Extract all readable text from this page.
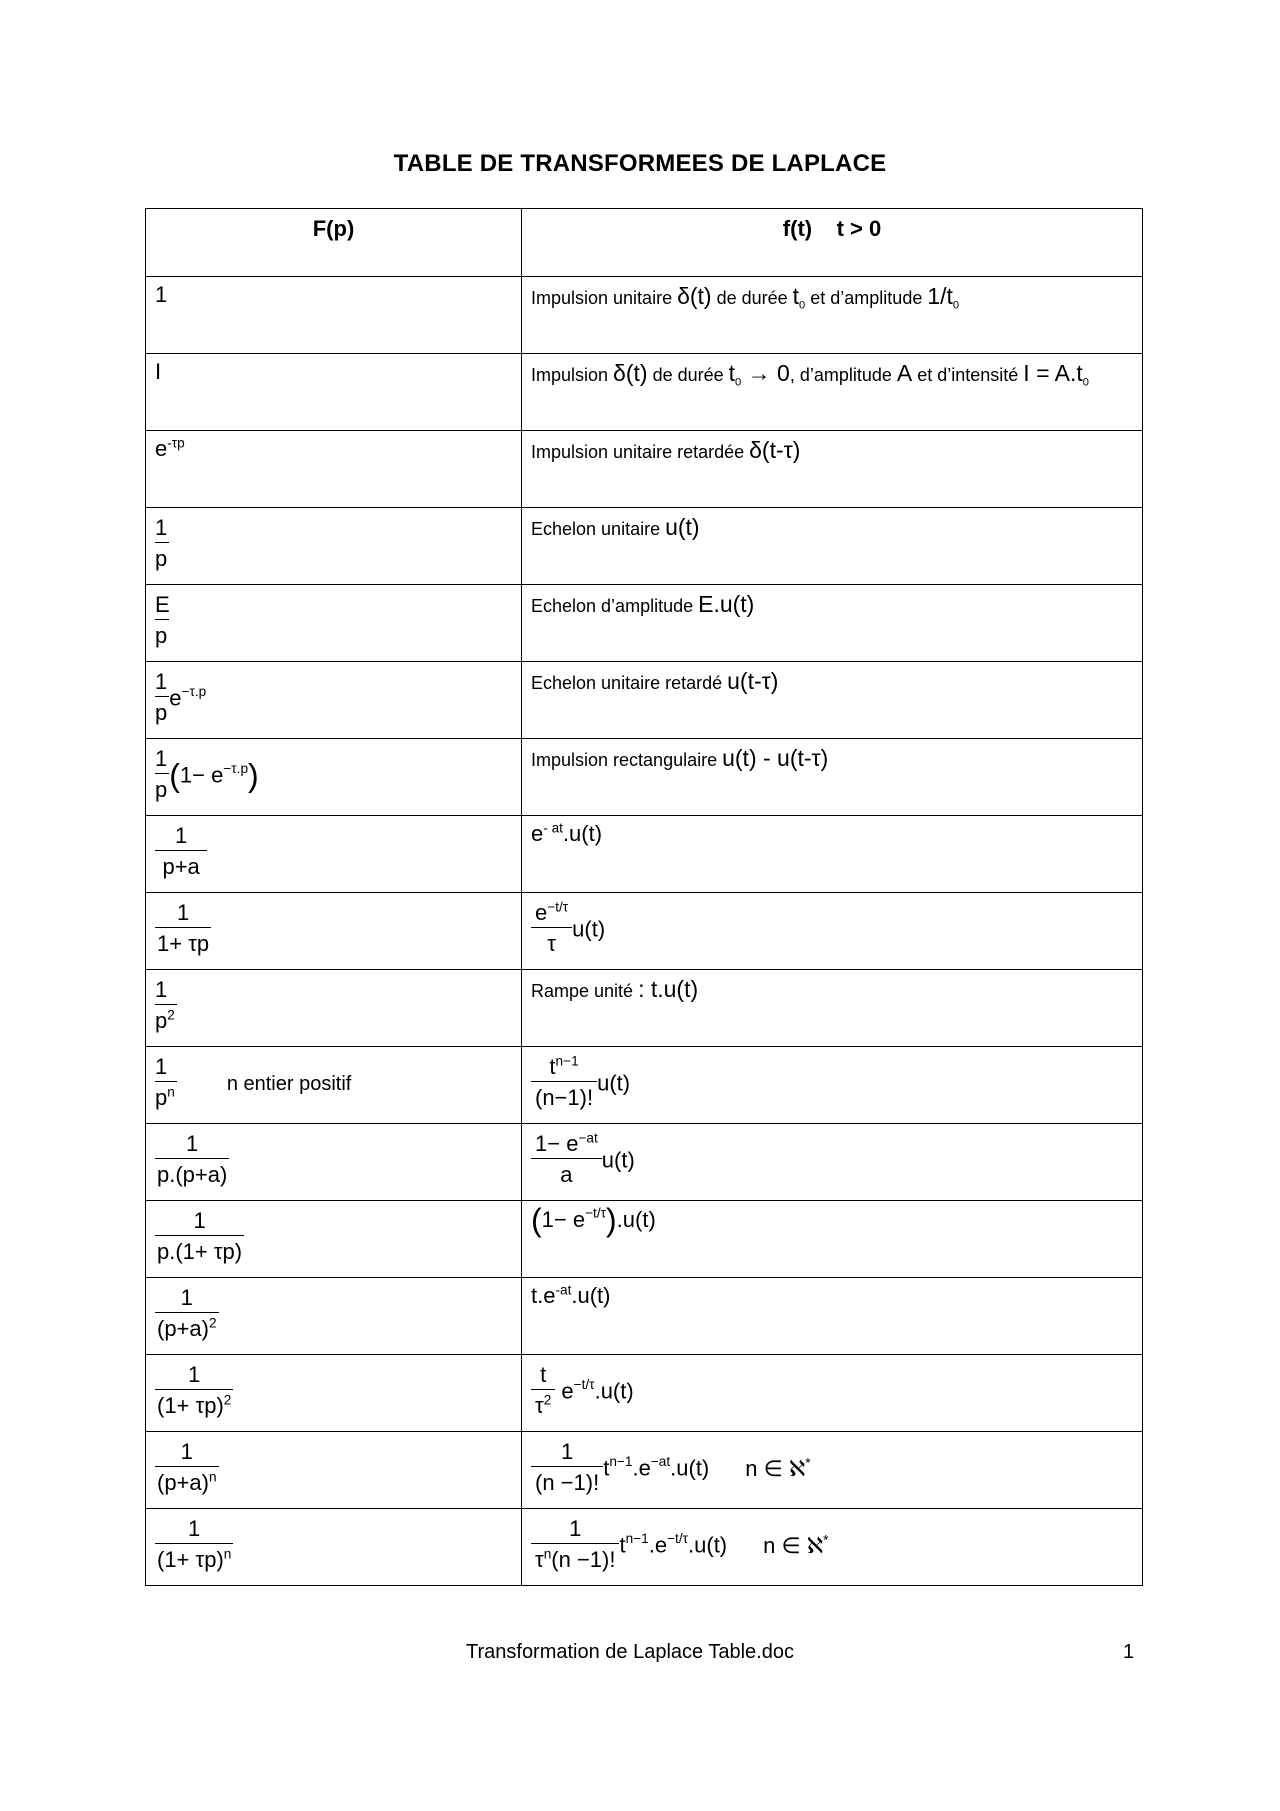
TABLE DE TRANSFORMEES DE LAPLACE
F(p)	f(t) t > 0
1	Impulsion unitaire δ(t) de durée $t_0$ et d’amplitude $1/t_0$
I	Impulsion δ(t) de durée $t_0 \to 0$, d’amplitude A et d’intensité $I = A.t_0$
$e^{-\tau p}$	Impulsion unitaire retardée δ(t-τ)

$\frac{1}{p}$	Echelon unitaire u(t)

$\frac{E}{p}$	Echelon d’amplitude E.u(t)

$\frac{1}{p} e^{-\tau.p}$	Echelon unitaire retardé u(t-τ)

$\frac{1}{p} (1- e^{-\tau.p})$	Impulsion rectangulaire u(t) - u(t-τ)

$\frac{1}{p+a}$	$e^{- at}.u(t)$

$\frac{1}{1+ \tau p}$	$\frac{e^{-t/\tau}}{\tau} u(t)$

$\frac{1}{p^2}$	Rampe unité : t.u(t)

$\frac{1}{p^n}$ n entier positif	$\frac{t^{n-1}}{(n-1)!} u(t)$

$\frac{1}{p.(p+a)}$	$\frac{1- e^{-at}}{a} u(t)$

$\frac{1}{p.(1+ \tau p)}$	$(1- e^{-t/\tau}).u(t)$

$\frac{1}{(p+a)^2}$	$t.e^{-at}.u(t)$

$\frac{1}{(1+ \tau p)^2}$	$\frac{t}{\tau^2} e^{-t/\tau}.u(t)$

$\frac{1}{(p+a)^n}$	$\frac{1}{(n -1)!} t^{n-1}.e^{-at}.u(t)$ n ∈ ℵ*

$\frac{1}{(1+ \tau p)^n}$	$\frac{1}{\tau^n(n -1)!} t^{n-1}.e^{-t/\tau}.u(t)$ n ∈ ℵ*
Transformation de Laplace Table.doc	1
